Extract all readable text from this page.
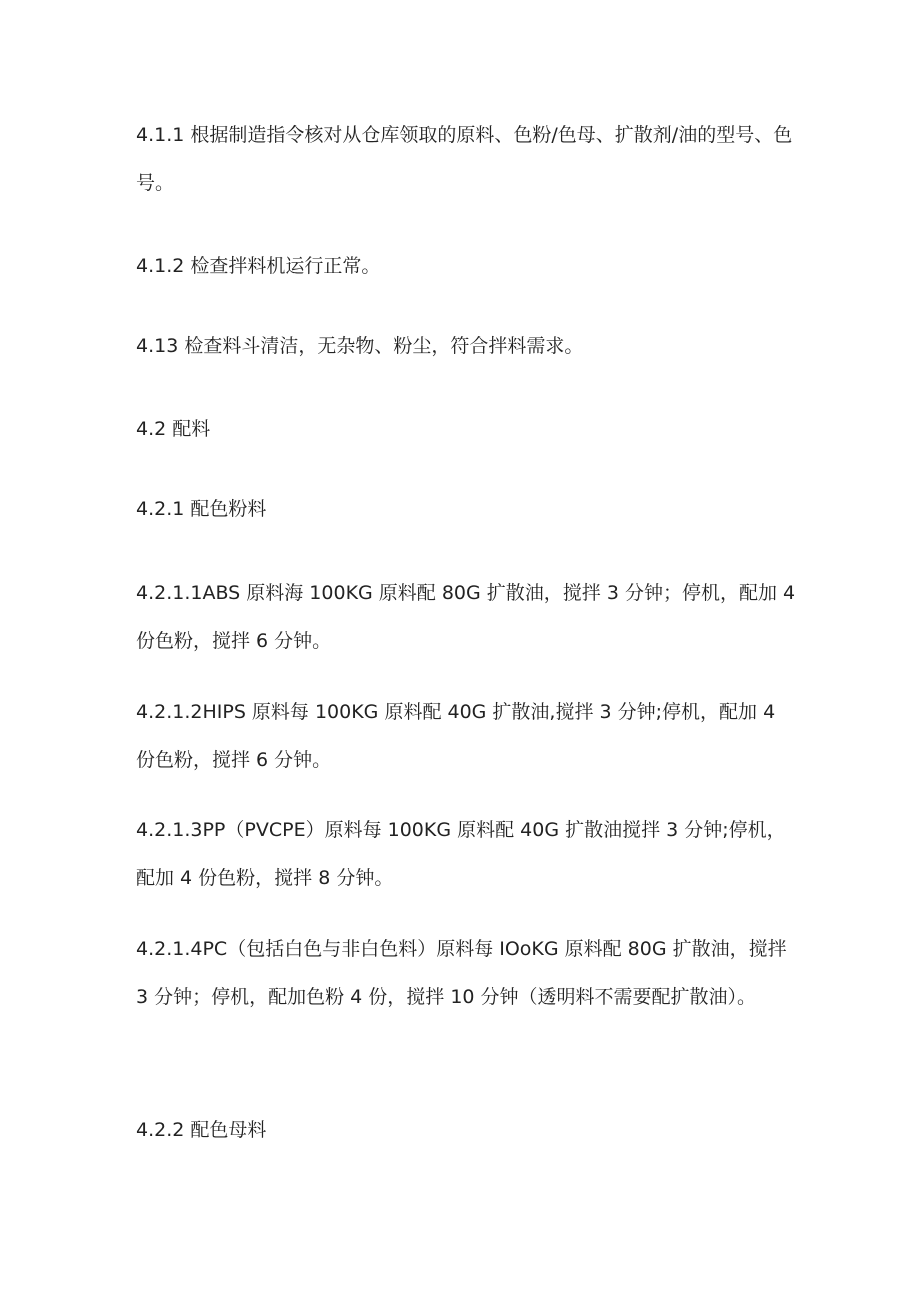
4.1.1 根据制造指令核对从仓库领取的原料、色粉/色母、扩散剂/油的型号、色号。

4.1.2 检查拌料机运行正常。

4.13 检查料斗清洁，无杂物、粉尘，符合拌料需求。

4.2 配料

4.2.1 配色粉料

4.2.1.1ABS 原料海 100KG 原料配 80G 扩散油，搅拌 3 分钟；停机，配加 4 份色粉，搅拌 6 分钟。

4.2.1.2HIPS 原料每 100KG 原料配 40G 扩散油,搅拌 3 分钟;停机，配加 4 份色粉，搅拌 6 分钟。

4.2.1.3PP（PVCPE）原料每 100KG 原料配 40G 扩散油搅拌 3 分钟;停机，配加 4 份色粉，搅拌 8 分钟。

4.2.1.4PC（包括白色与非白色料）原料每 IOoKG 原料配 80G 扩散油，搅拌 3 分钟；停机，配加色粉 4 份，搅拌 10 分钟（透明料不需要配扩散油）。

4.2.2 配色母料
